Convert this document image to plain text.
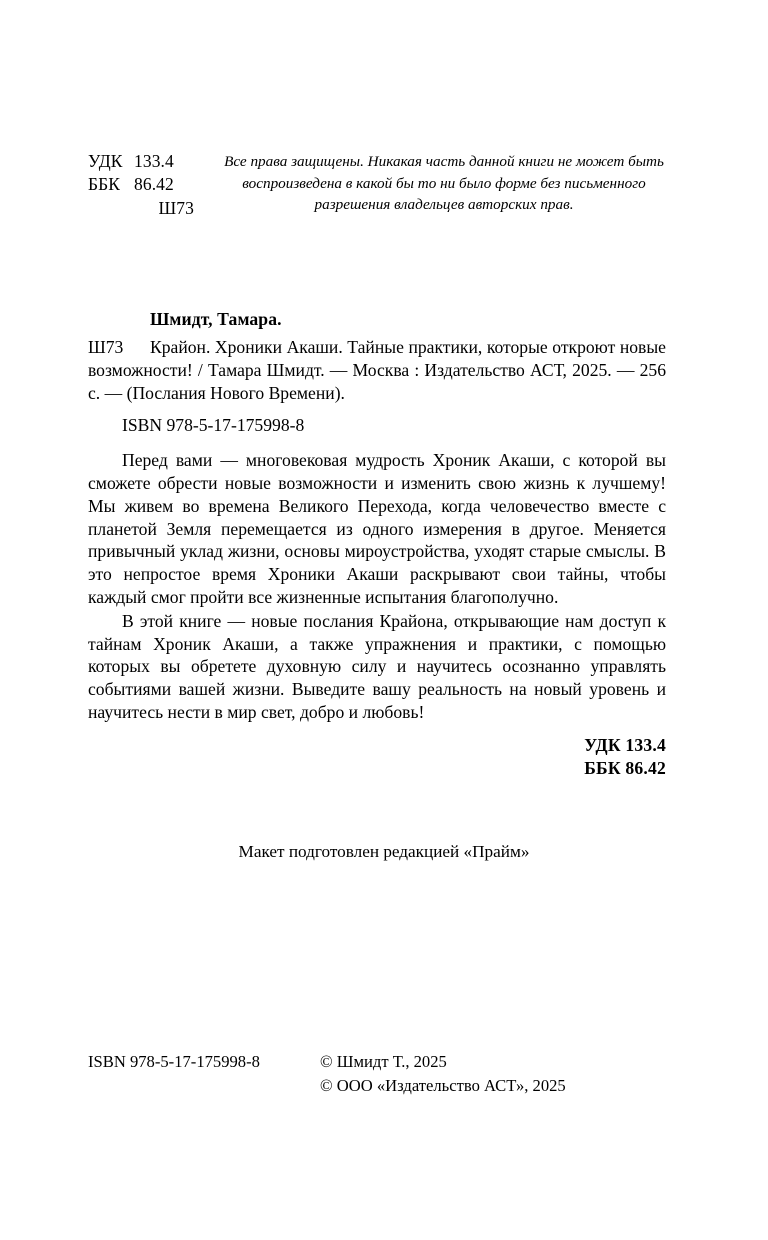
УДК 133.4
ББК 86.42
Ш73
Все права защищены. Никакая часть данной книги не может быть воспроизведена в какой бы то ни было форме без письменного разрешения владельцев авторских прав.
Шмидт, Тамара.
Ш73	Крайон. Хроники Акаши. Тайные практики, которые откроют новые возможности! / Тамара Шмидт. — Москва : Издательство АСТ, 2025. — 256 с. — (Послания Нового Времени).
ISBN 978-5-17-175998-8

Перед вами — многовековая мудрость Хроник Акаши, с которой вы сможете обрести новые возможности и изменить свою жизнь к лучшему! Мы живем во времена Великого Перехода, когда человечество вместе с планетой Земля перемещается из одного измерения в другое. Меняется привычный уклад жизни, основы мироустройства, уходят старые смыслы. В это непростое время Хроники Акаши раскрывают свои тайны, чтобы каждый смог пройти все жизненные испытания благополучно.

В этой книге — новые послания Крайона, открывающие нам доступ к тайнам Хроник Акаши, а также упражнения и практики, с помощью которых вы обретете духовную силу и научитесь осознанно управлять событиями вашей жизни. Выведите вашу реальность на новый уровень и научитесь нести в мир свет, добро и любовь!

УДК 133.4
ББК 86.42
Макет подготовлен редакцией «Прайм»
ISBN 978-5-17-175998-8	© Шмидт Т., 2025
© ООО «Издательство АСТ», 2025
